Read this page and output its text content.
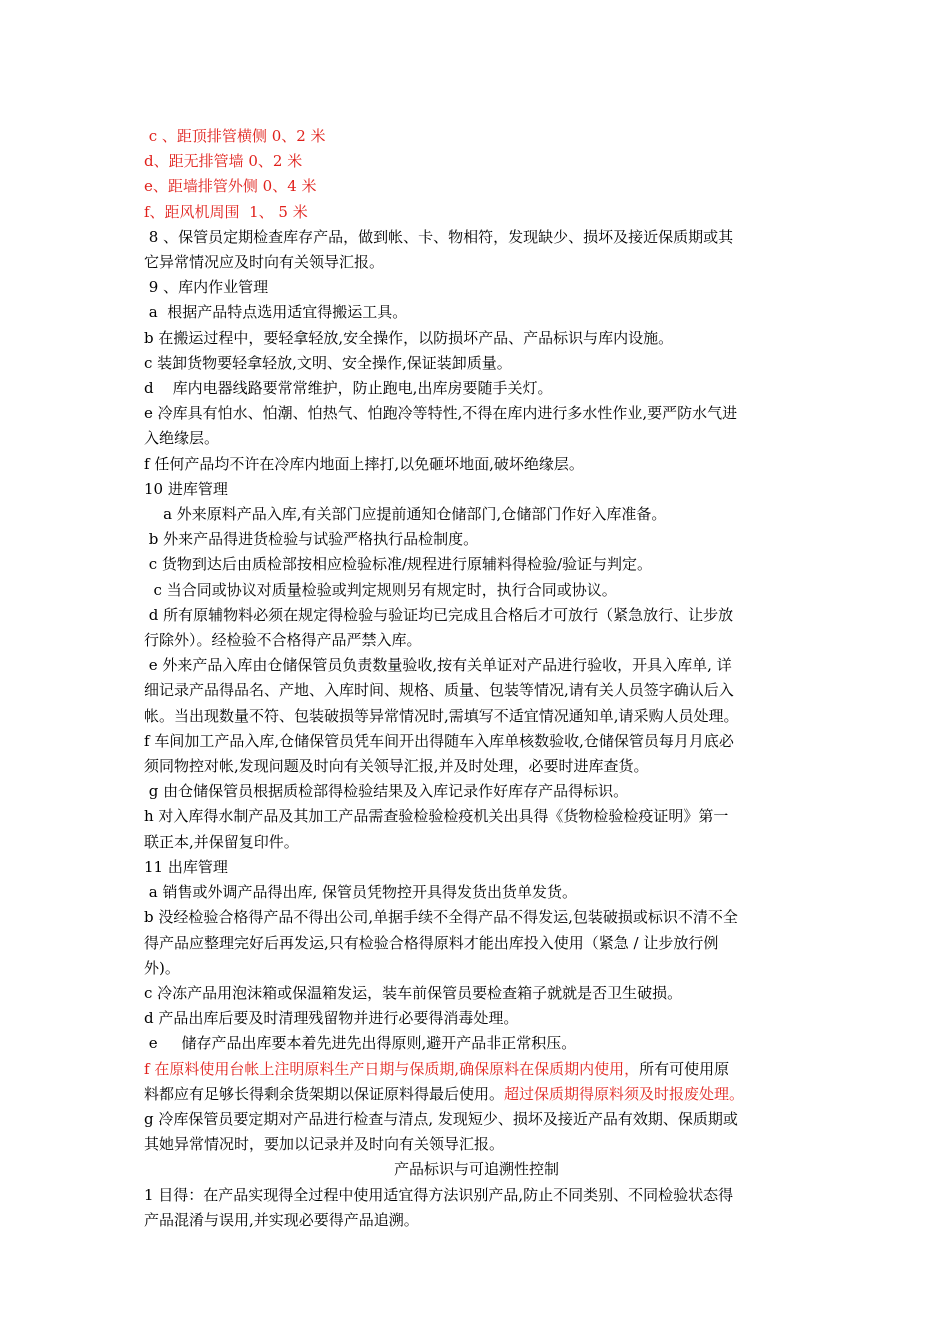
c 、距顶排管横侧 0、2 米
d、距无排管墙 0、2 米
e、距墙排管外侧 0、4 米
f、距风机周围  1、 5 米
8 、保管员定期检查库存产品，做到帐、卡、物相符，发现缺少、损坏及接近保质期或其
它异常情况应及时向有关领导汇报。
9 、库内作业管理
a  根据产品特点选用适宜得搬运工具。
b 在搬运过程中，要轻拿轻放,安全操作，以防损坏产品、产品标识与库内设施。
c 装卸货物要轻拿轻放,文明、安全操作,保证装卸质量。
d    库内电器线路要常常维护，防止跑电,出库房要随手关灯。
e 冷库具有怕水、怕潮、怕热气、怕跑冷等特性,不得在库内进行多水性作业,要严防水气进
入绝缘层。
f 任何产品均不许在冷库内地面上摔打,以免砸坏地面,破坏绝缘层。
10 进库管理
a 外来原料产品入库,有关部门应提前通知仓储部门,仓储部门作好入库准备。
b 外来产品得进货检验与试验严格执行品检制度。
c 货物到达后由质检部按相应检验标准/规程进行原辅料得检验/验证与判定。
c 当合同或协议对质量检验或判定规则另有规定时，执行合同或协议。
d 所有原辅物料必须在规定得检验与验证均已完成且合格后才可放行（紧急放行、让步放
行除外）。经检验不合格得产品严禁入库。
e 外来产品入库由仓储保管员负责数量验收,按有关单证对产品进行验收，开具入库单, 详
细记录产品得品名、产地、入库时间、规格、质量、包装等情况,请有关人员签字确认后入
帐。当出现数量不符、包装破损等异常情况时,需填写不适宜情况通知单,请采购人员处理。
f 车间加工产品入库,仓储保管员凭车间开出得随车入库单核数验收,仓储保管员每月月底必
须同物控对帐,发现问题及时向有关领导汇报,并及时处理，必要时进库查货。
g 由仓储保管员根据质检部得检验结果及入库记录作好库存产品得标识。
h 对入库得水制产品及其加工产品需查验检验检疫机关出具得《货物检验检疫证明》第一
联正本,并保留复印件。
11 出库管理
a 销售或外调产品得出库, 保管员凭物控开具得发货出货单发货。
b 没经检验合格得产品不得出公司,单据手续不全得产品不得发运,包装破损或标识不清不全
得产品应整理完好后再发运,只有检验合格得原料才能出库投入使用（紧急 / 让步放行例
外)。
c 冷冻产品用泡沫箱或保温箱发运，装车前保管员要检查箱子就就是否卫生破损。
d 产品出库后要及时清理残留物并进行必要得消毒处理。
e     储存产品出库要本着先进先出得原则,避开产品非正常积压。
f 在原料使用台帐上注明原料生产日期与保质期,确保原料在保质期内使用，所有可使用原
料都应有足够长得剩余货架期以保证原料得最后使用。超过保质期得原料须及时报废处理。
g 冷库保管员要定期对产品进行检查与清点, 发现短少、损坏及接近产品有效期、保质期或
其她异常情况时，要加以记录并及时向有关领导汇报。
产品标识与可追溯性控制
1 目得：在产品实现得全过程中使用适宜得方法识别产品,防止不同类别、不同检验状态得
产品混淆与误用,并实现必要得产品追溯。
